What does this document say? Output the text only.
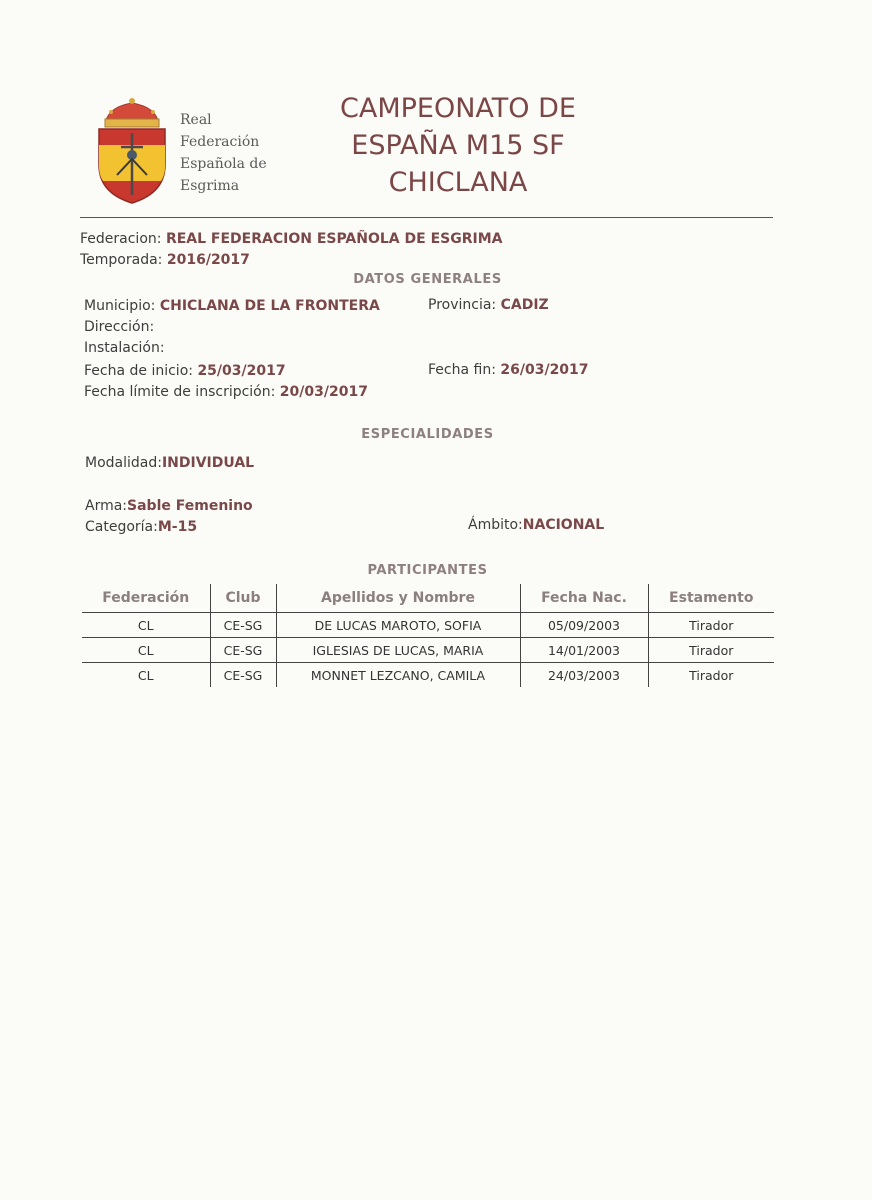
Real
Federación
Española de
Esgrima
CAMPEONATO DE
ESPAÑA M15 SF
CHICLANA
Federacion: REAL FEDERACION ESPAÑOLA DE ESGRIMA
Temporada: 2016/2017
DATOS GENERALES
Municipio: CHICLANA DE LA FRONTERA	Provincia: CADIZ
Dirección:
Instalación:
Fecha de inicio: 25/03/2017	Fecha fin: 26/03/2017
Fecha límite de inscripción: 20/03/2017
ESPECIALIDADES
Modalidad:INDIVIDUAL
Arma:Sable Femenino
Categoría:M-15	Ámbito:NACIONAL
PARTICIPANTES
Federación	Club	Apellidos y Nombre	Fecha Nac.	Estamento
CL	CE-SG	DE LUCAS MAROTO, SOFIA	05/09/2003	Tirador
CL	CE-SG	IGLESIAS DE LUCAS, MARIA	14/01/2003	Tirador
CL	CE-SG	MONNET LEZCANO, CAMILA	24/03/2003	Tirador
